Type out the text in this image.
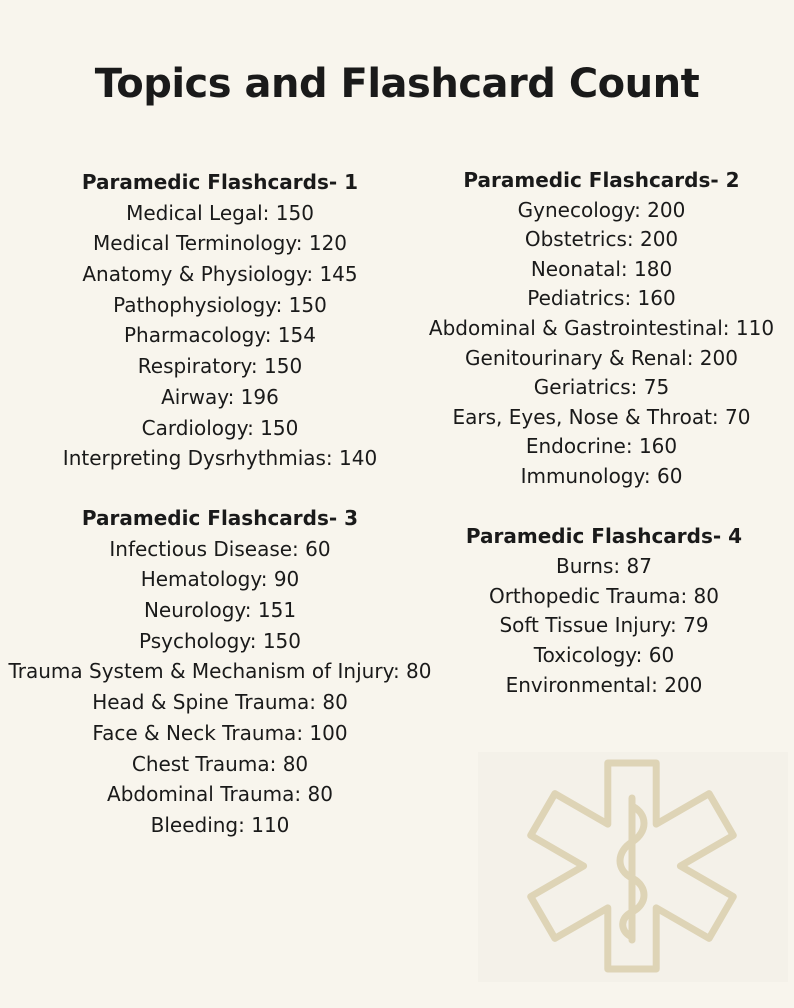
Topics and Flashcard Count
Paramedic Flashcards- 1
Medical Legal: 150
Medical Terminology: 120
Anatomy & Physiology: 145
Pathophysiology: 150
Pharmacology: 154
Respiratory: 150
Airway: 196
Cardiology: 150
Interpreting Dysrhythmias: 140
Paramedic Flashcards- 2
Gynecology: 200
Obstetrics: 200
Neonatal: 180
Pediatrics: 160
Abdominal & Gastrointestinal: 110
Genitourinary & Renal: 200
Geriatrics: 75
Ears, Eyes, Nose & Throat: 70
Endocrine: 160
Immunology: 60
Paramedic Flashcards- 3
Infectious Disease: 60
Hematology: 90
Neurology: 151
Psychology: 150
Trauma System & Mechanism of Injury: 80
Head & Spine Trauma: 80
Face & Neck Trauma: 100
Chest Trauma: 80
Abdominal Trauma: 80
Bleeding: 110
Paramedic Flashcards- 4
Burns: 87
Orthopedic Trauma: 80
Soft Tissue Injury: 79
Toxicology: 60
Environmental: 200
